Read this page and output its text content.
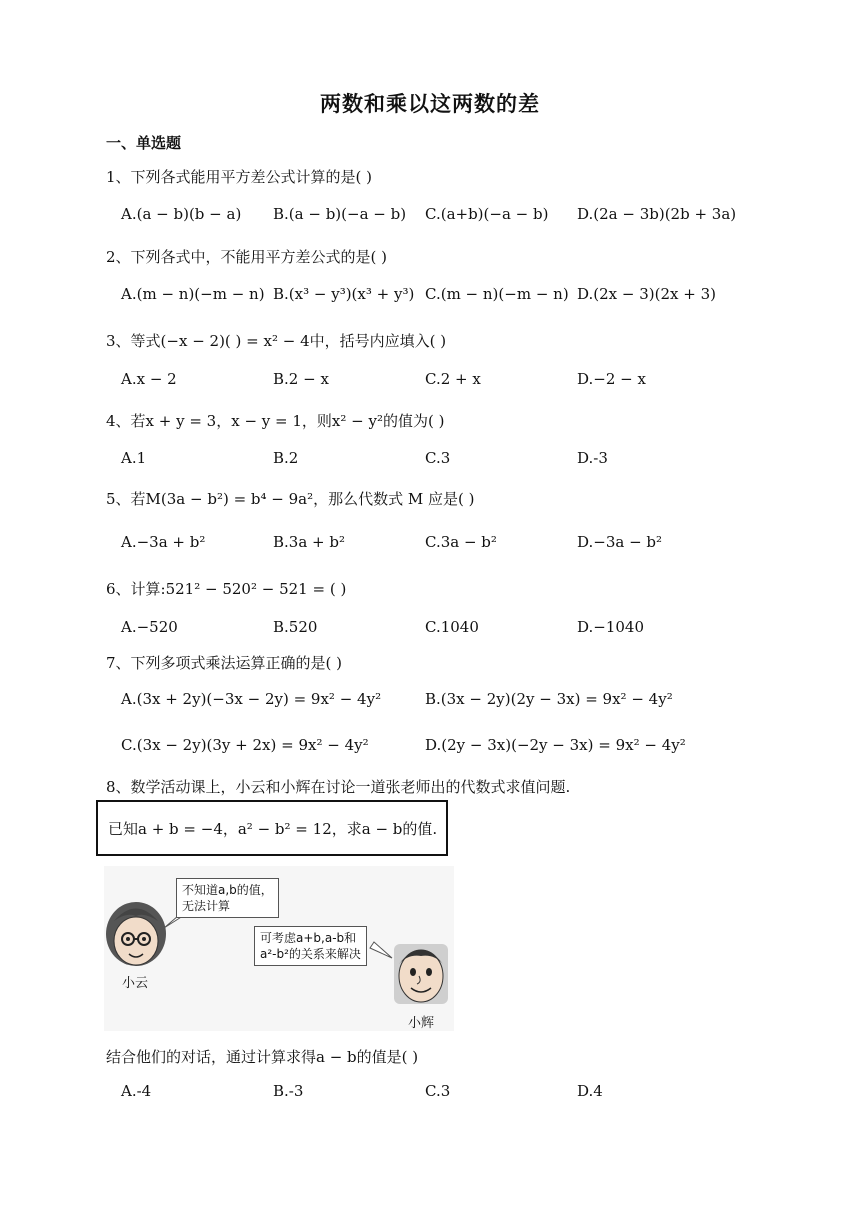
两数和乘以这两数的差
一、单选题
1、下列各式能用平方差公式计算的是( )
A.(a − b)(b − a) B.(a − b)(−a − b) C.(a+b)(−a − b) D.(2a − 3b)(2b + 3a)
2、下列各式中，不能用平方差公式的是( )
A.(m − n)(−m − n) B.(x³ − y³)(x³ + y³) C.(m − n)(−m − n) D.(2x − 3)(2x + 3)
3、等式(−x − 2)( ) = x² − 4中，括号内应填入( )
A.x − 2	B.2 − x	C.2 + x	D.−2 − x
4、若x + y = 3，x − y = 1，则x² − y²的值为( )
A.1	B.2	C.3	D.-3
5、若M(3a − b²) = b⁴ − 9a²，那么代数式 M 应是( )
A.−3a + b²	B.3a + b²	C.3a − b²	D.−3a − b²
6、计算:521² − 520² − 521 = ( )
A.−520	B.520	C.1040	D.−1040
7、下列多项式乘法运算正确的是( )
A.(3x + 2y)(−3x − 2y) = 9x² − 4y²	B.(3x − 2y)(2y − 3x) = 9x² − 4y²
C.(3x − 2y)(3y + 2x) = 9x² − 4y²	D.(2y − 3x)(−2y − 3x) = 9x² − 4y²
8、数学活动课上，小云和小辉在讨论一道张老师出的代数式求值问题.
已知a + b = −4，a² − b² = 12，求a − b的值.
不知道a,b的值，
无法计算
可考虑a+b,a-b和
a²-b²的关系来解决
小云
小辉
结合他们的对话，通过计算求得a − b的值是( )
A.-4	B.-3	C.3	D.4
